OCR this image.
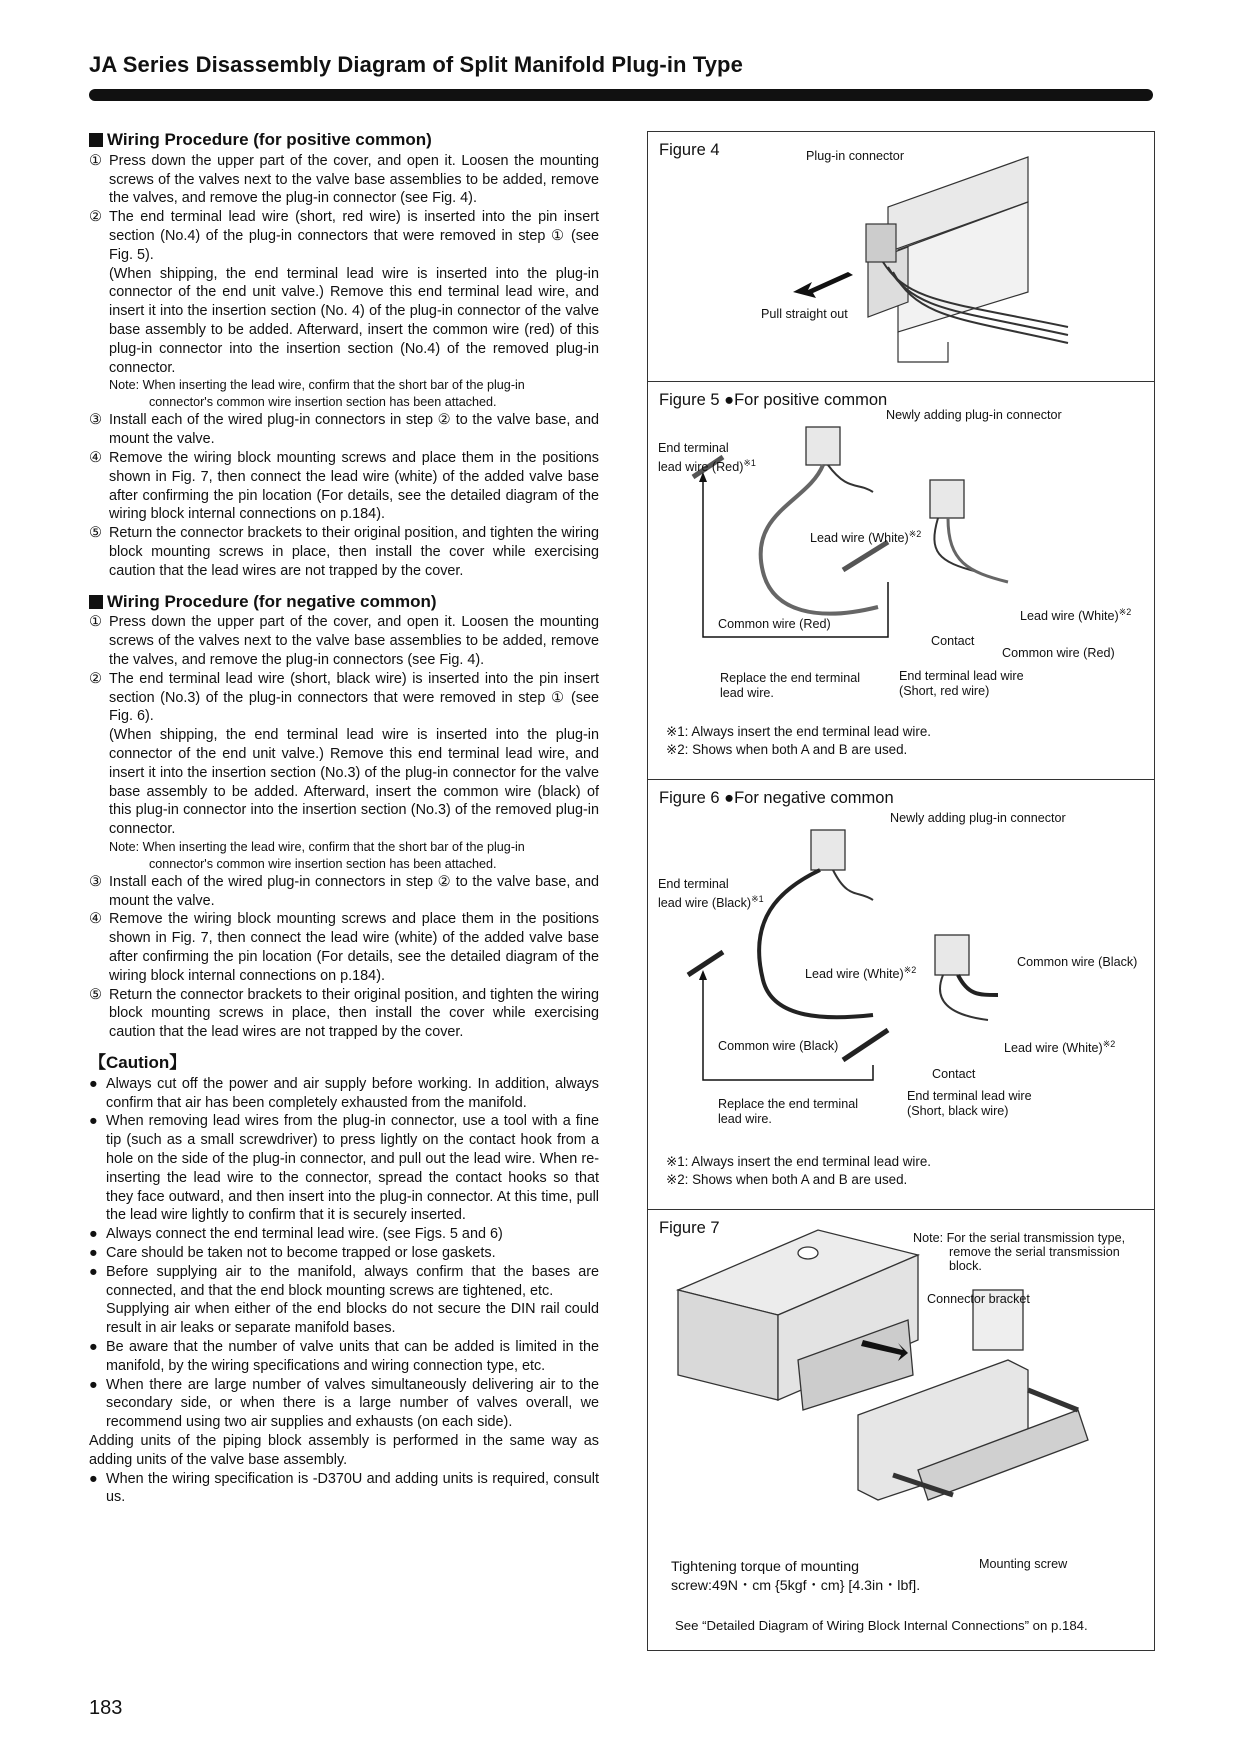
JA Series Disassembly Diagram of Split Manifold Plug-in Type
Wiring Procedure (for positive common)
① Press down the upper part of the cover, and open it. Loosen the mounting screws of the valves next to the valve base assemblies to be added, remove the valves, and remove the plug-in connector (see Fig. 4).
② The end terminal lead wire (short, red wire) is inserted into the pin insert section (No.4) of the plug-in connectors that were removed in step ① (see Fig. 5).
(When shipping, the end terminal lead wire is inserted into the plug-in connector of the end unit valve.) Remove this end terminal lead wire, and insert it into the insertion section (No. 4) of the plug-in connector of the valve base assembly to be added. Afterward, insert the common wire (red) of this plug-in connector into the insertion section (No.4) of the removed plug-in connector.
Note: When inserting the lead wire, confirm that the short bar of the plug-in
connector's common wire insertion section has been attached.
③ Install each of the wired plug-in connectors in step ② to the valve base, and mount the valve.
④ Remove the wiring block mounting screws and place them in the positions shown in Fig. 7, then connect the lead wire (white) of the added valve base after confirming the pin location (For details, see the detailed diagram of the wiring block internal connections on p.184).
⑤ Return the connector brackets to their original position, and tighten the wiring block mounting screws in place, then install the cover while exercising caution that the lead wires are not trapped by the cover.
Wiring Procedure (for negative common)
① Press down the upper part of the cover, and open it. Loosen the mounting screws of the valves next to the valve base assemblies to be added, remove the valves, and remove the plug-in connectors (see Fig. 4).
② The end terminal lead wire (short, black wire) is inserted into the pin insert section (No.3) of the plug-in connectors that were removed in step ① (see Fig. 6).
(When shipping, the end terminal lead wire is inserted into the plug-in connector of the end unit valve.) Remove this end terminal lead wire, and insert it into the insertion section (No.3) of the plug-in connector for the valve base assembly to be added. Afterward, insert the common wire (black) of this plug-in connector into the insertion section (No.3) of the removed plug-in connector.
Note: When inserting the lead wire, confirm that the short bar of the plug-in
connector's common wire insertion section has been attached.
③ Install each of the wired plug-in connectors in step ② to the valve base, and mount the valve.
④ Remove the wiring block mounting screws and place them in the positions shown in Fig. 7, then connect the lead wire (white) of the added valve base after confirming the pin location (For details, see the detailed diagram of the wiring block internal connections on p.184).
⑤ Return the connector brackets to their original position, and tighten the wiring block mounting screws in place, then install the cover while exercising caution that the lead wires are not trapped by the cover.
【Caution】
● Always cut off the power and air supply before working. In addition, always confirm that air has been completely exhausted from the manifold.
● When removing lead wires from the plug-in connector, use a tool with a fine tip (such as a small screwdriver) to press lightly on the contact hook from a hole on the side of the plug-in connector, and pull out the lead wire. When re-inserting the lead wire to the connector, spread the contact hooks so that they face outward, and then insert into the plug-in connector. At this time, pull the lead wire lightly to confirm that it is securely inserted.
● Always connect the end terminal lead wire. (see Figs. 5 and 6)
● Care should be taken not to become trapped or lose gaskets.
● Before supplying air to the manifold, always confirm that the bases are connected, and that the end block mounting screws are tightened, etc.
Supplying air when either of the end blocks do not secure the DIN rail could result in air leaks or separate manifold bases.
● Be aware that the number of valve units that can be added is limited in the manifold, by the wiring specifications and wiring connection type, etc.
● When there are large number of valves simultaneously delivering air to the secondary side, or when there is a large number of valves overall, we recommend using two air supplies and exhausts (on each side).
Adding units of the piping block assembly is performed in the same way as adding units of the valve base assembly.
● When the wiring specification is -D370U and adding units is required, consult us.
183
Figure 4	Plug-in connector
Pull straight out
Figure 5 ●For positive common
Newly adding plug-in connector
End terminal
lead wire (Red)$^{※1}$
Lead wire (White)$^{※2}$
Lead wire (White)$^{※2}$
Common wire (Red)
Contact
Common wire (Red)
Replace the end terminal
lead wire.
End terminal lead wire
(Short, red wire)
※1: Always insert the end terminal lead wire.
※2: Shows when both A and B are used.
Figure 6 ●For negative common
Newly adding plug-in connector
End terminal
lead wire (Black)$^{※1}$
Lead wire (White)$^{※2}$
Common wire (Black)
Common wire (Black)	Lead wire (White)$^{※2}$
Contact
Replace the end terminal
lead wire.
End terminal lead wire
(Short, black wire)
※1: Always insert the end terminal lead wire.
※2: Shows when both A and B are used.
Figure 7
Note: For the serial transmission type,
remove the serial transmission
block.
Connector bracket
Mounting screw
Tightening torque of mounting
screw:49N・cm {5kgf・cm} [4.3in・lbf].
See “Detailed Diagram of Wiring Block Internal Connections” on p.184.
